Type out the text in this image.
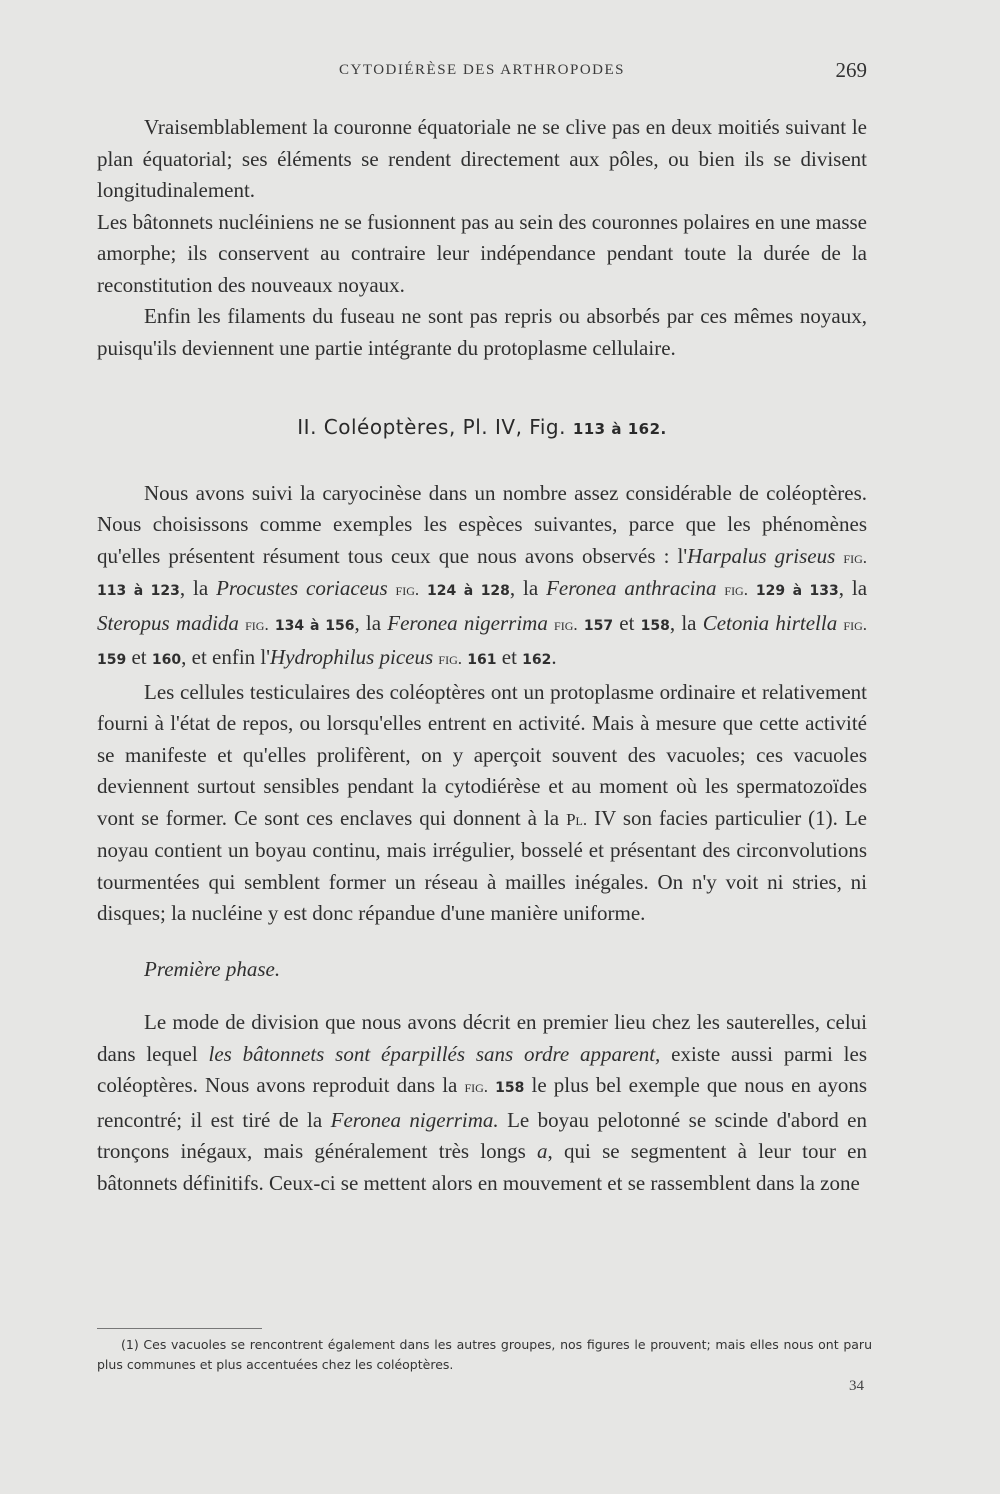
CYTODIÉRÈSE DES ARTHROPODES	269

Vraisemblablement la couronne équatoriale ne se clive pas en deux moitiés suivant le plan équatorial; ses éléments se rendent directement aux pôles, ou bien ils se divisent longitudinalement.

Les bâtonnets nucléiniens ne se fusionnent pas au sein des couronnes polaires en une masse amorphe; ils conservent au contraire leur indépendance pendant toute la durée de la reconstitution des nouveaux noyaux.

Enfin les filaments du fuseau ne sont pas repris ou absorbés par ces mêmes noyaux, puisqu'ils deviennent une partie intégrante du protoplasme cellulaire.

II. Coléoptères, Pl. IV, Fig. 113 à 162.

Nous avons suivi la caryocinèse dans un nombre assez considérable de coléoptères. Nous choisissons comme exemples les espèces suivantes, parce que les phénomènes qu'elles présentent résument tous ceux que nous avons observés : l'Harpalus griseus fig. 113 à 123, la Procustes coriaceus fig. 124 à 128, la Feronea anthracina fig. 129 à 133, la Steropus madida fig. 134 à 156, la Feronea nigerrima fig. 157 et 158, la Cetonia hirtella fig. 159 et 160, et enfin l'Hydrophilus piceus fig. 161 et 162.

Les cellules testiculaires des coléoptères ont un protoplasme ordinaire et relativement fourni à l'état de repos, ou lorsqu'elles entrent en activité. Mais à mesure que cette activité se manifeste et qu'elles prolifèrent, on y aperçoit souvent des vacuoles; ces vacuoles deviennent surtout sensibles pendant la cytodiérèse et au moment où les spermatozoïdes vont se former. Ce sont ces enclaves qui donnent à la Pl. IV son facies particulier (1). Le noyau contient un boyau continu, mais irrégulier, bosselé et présentant des circonvolutions tourmentées qui semblent former un réseau à mailles inégales. On n'y voit ni stries, ni disques; la nucléine y est donc répandue d'une manière uniforme.

Première phase.

Le mode de division que nous avons décrit en premier lieu chez les sauterelles, celui dans lequel les bâtonnets sont éparpillés sans ordre apparent, existe aussi parmi les coléoptères. Nous avons reproduit dans la fig. 158 le plus bel exemple que nous en ayons rencontré; il est tiré de la Feronea nigerrima. Le boyau pelotonné se scinde d'abord en tronçons inégaux, mais généralement très longs a, qui se segmentent à leur tour en bâtonnets définitifs. Ceux-ci se mettent alors en mouvement et se rassemblent dans la zone

(1) Ces vacuoles se rencontrent également dans les autres groupes, nos figures le prouvent; mais elles nous ont paru plus communes et plus accentuées chez les coléoptères.
34
